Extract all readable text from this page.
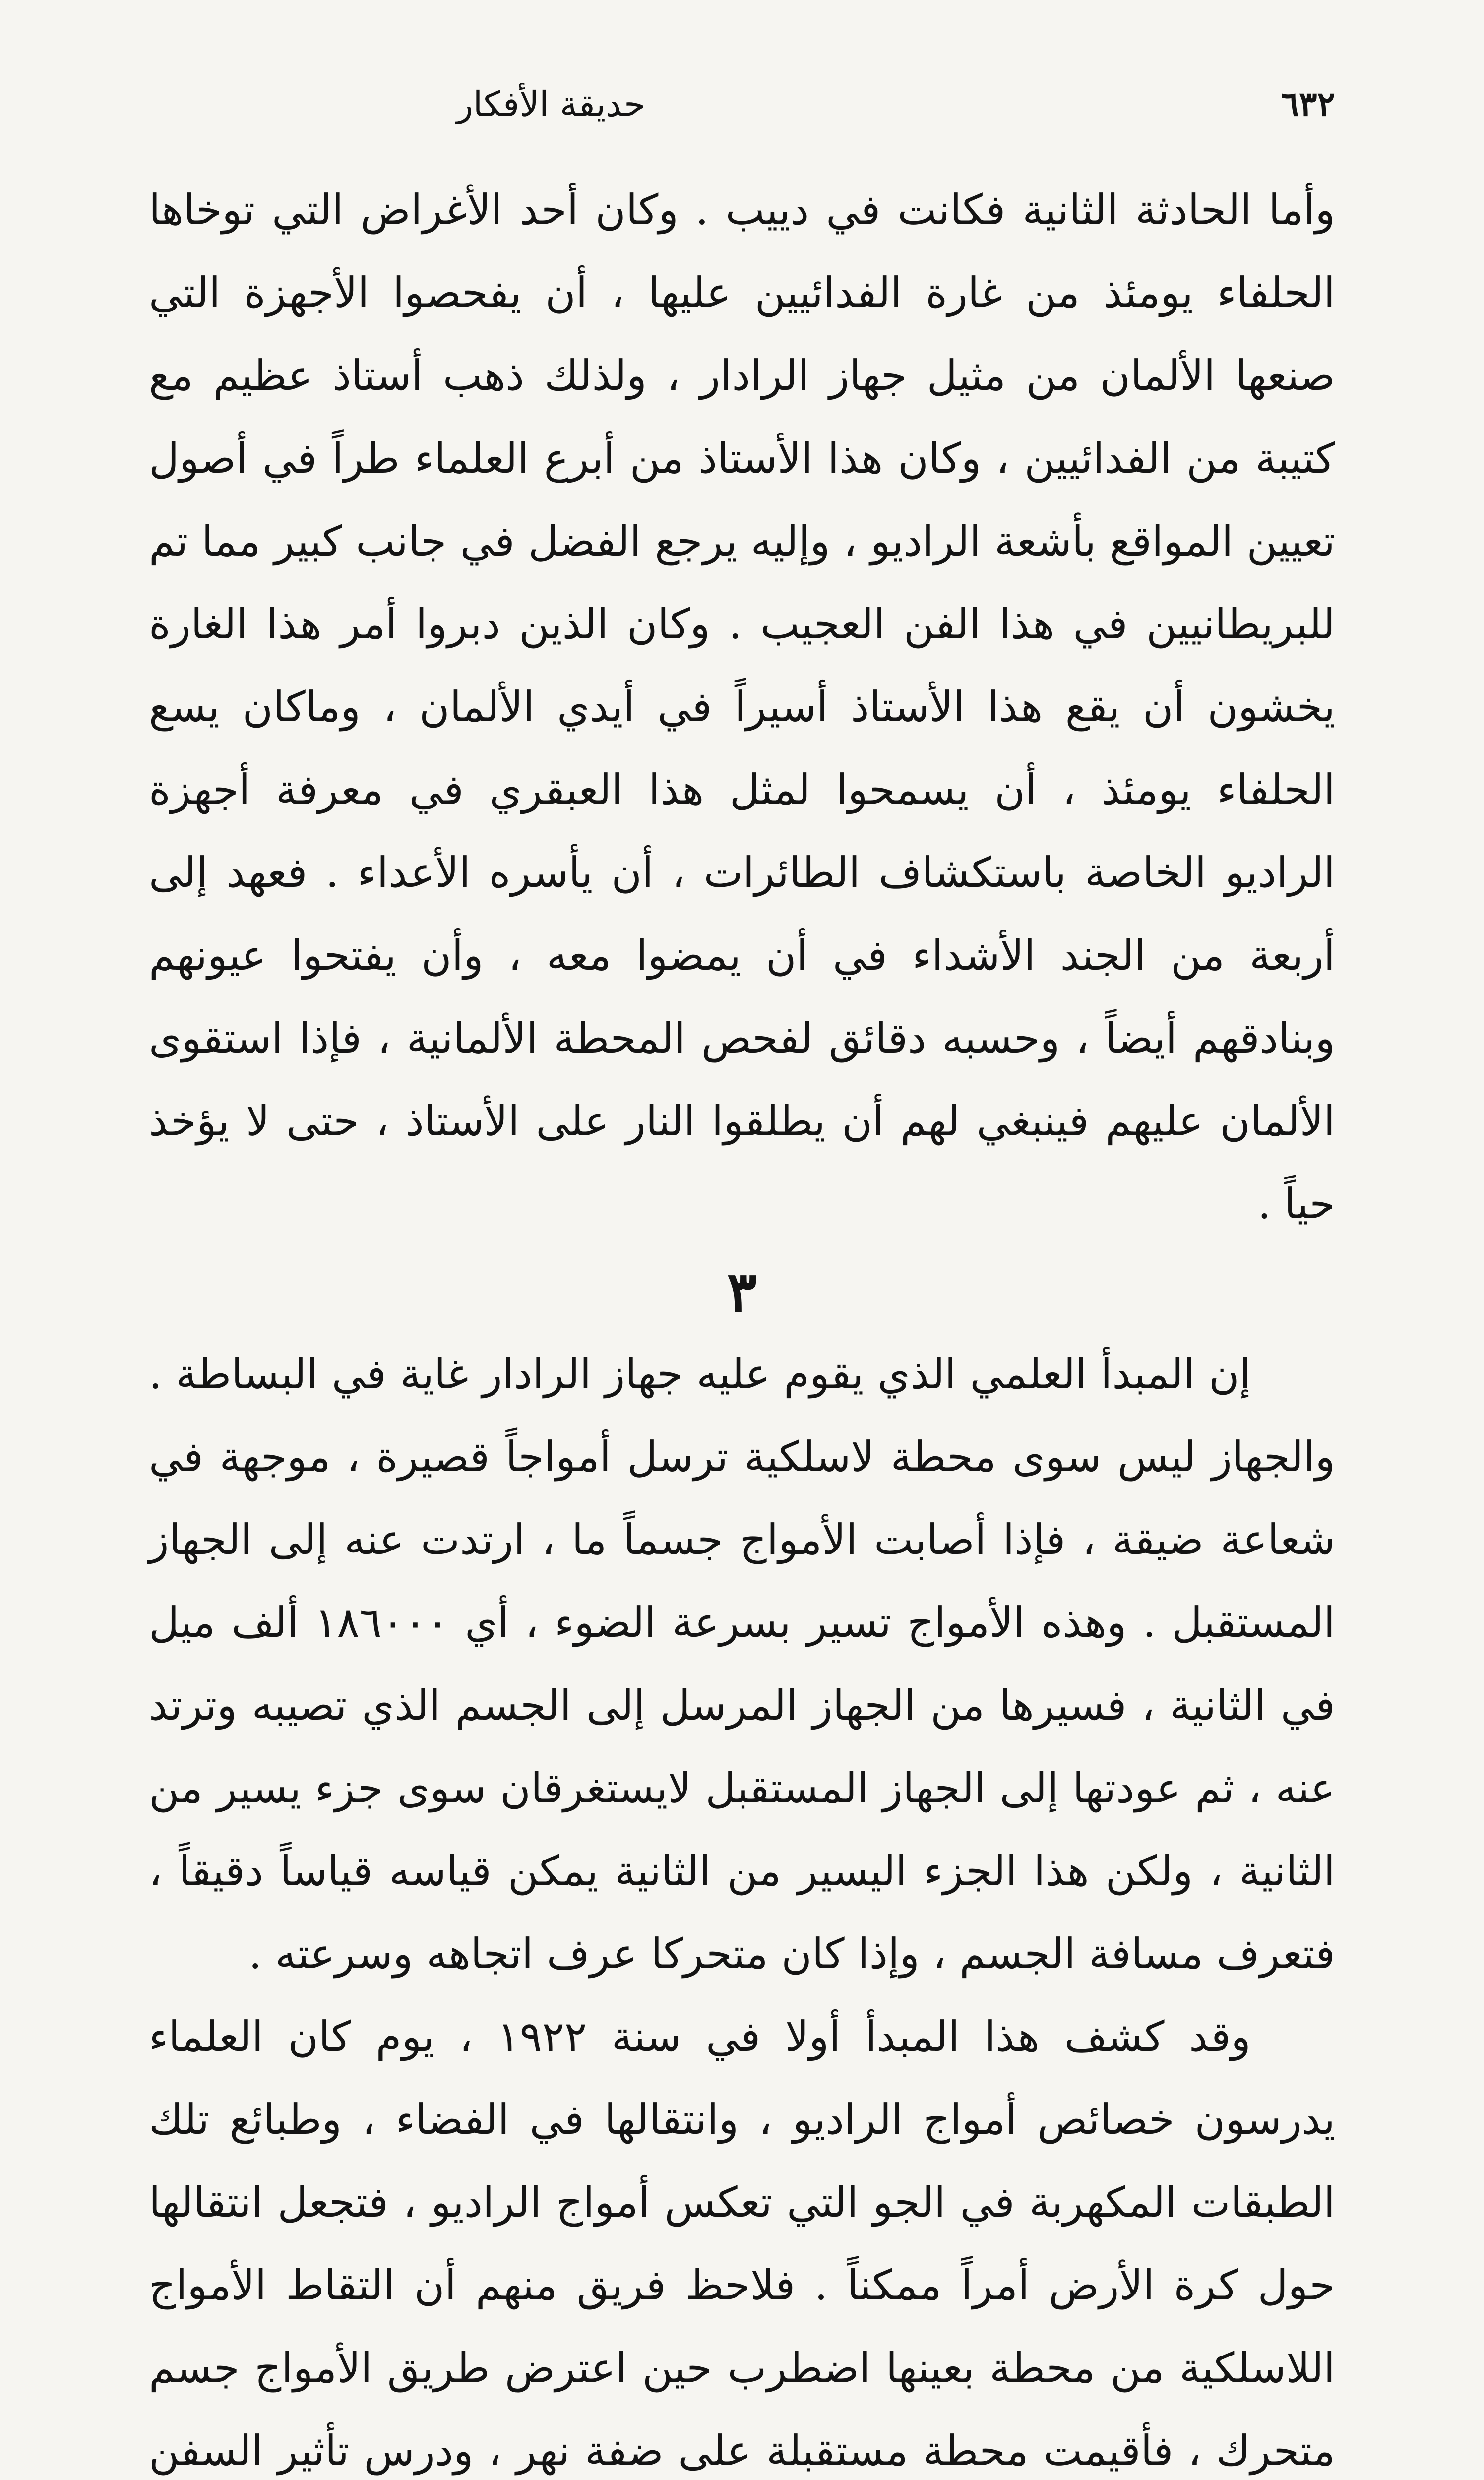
٦٣٢
حديقة الأفكار

وأما الحادثة الثانية فكانت في دييب . وكان أحد الأغراض التي توخاها الحلفاء يومئذ من غارة الفدائيين عليها ، أن يفحصوا الأجهزة التي صنعها الألمان من مثيل جهاز الرادار ، ولذلك ذهب أستاذ عظيم مع كتيبة من الفدائيين ، وكان هذا الأستاذ من أبرع العلماء طراً في أصول تعيين المواقع بأشعة الراديو ، وإليه يرجع الفضل في جانب كبير مما تم للبريطانيين في هذا الفن العجيب . وكان الذين دبروا أمر هذا الغارة يخشون أن يقع هذا الأستاذ أسيراً في أيدي الألمان ، وماكان يسع الحلفاء يومئذ ، أن يسمحوا لمثل هذا العبقري في معرفة أجهزة الراديو الخاصة باستكشاف الطائرات ، أن يأسره الأعداء . فعهد إلى أربعة من الجند الأشداء في أن يمضوا معه ، وأن يفتحوا عيونهم وبنادقهم أيضاً ، وحسبه دقائق لفحص المحطة الألمانية ، فإذا استقوى الألمان عليهم فينبغي لهم أن يطلقوا النار على الأستاذ ، حتى لا يؤخذ حياً .

٣

إن المبدأ العلمي الذي يقوم عليه جهاز الرادار غاية في البساطة . والجهاز ليس سوى محطة لاسلكية ترسل أمواجاً قصيرة ، موجهة في شعاعة ضيقة ، فإذا أصابت الأمواج جسماً ما ، ارتدت عنه إلى الجهاز المستقبل . وهذه الأمواج تسير بسرعة الضوء ، أي ١٨٦٠٠٠ ألف ميل في الثانية ، فسيرها من الجهاز المرسل إلى الجسم الذي تصيبه وترتد عنه ، ثم عودتها إلى الجهاز المستقبل لايستغرقان سوى جزء يسير من الثانية ، ولكن هذا الجزء اليسير من الثانية يمكن قياسه قياساً دقيقاً ، فتعرف مسافة الجسم ، وإذا كان متحركا عرف اتجاهه وسرعته .

وقد كشف هذا المبدأ أولا في سنة ١٩٢٢ ، يوم كان العلماء يدرسون خصائص أمواج الراديو ، وانتقالها في الفضاء ، وطبائع تلك الطبقات المكهربة في الجو التي تعكس أمواج الراديو ، فتجعل انتقالها حول كرة الأرض أمراً ممكناً . فلاحظ فريق منهم أن التقاط الأمواج اللاسلكية من محطة بعينها اضطرب حين اعترض طريق الأمواج جسم متحرك ، فأقيمت محطة مستقبلة على ضفة نهر ، ودرس تأثير السفن
